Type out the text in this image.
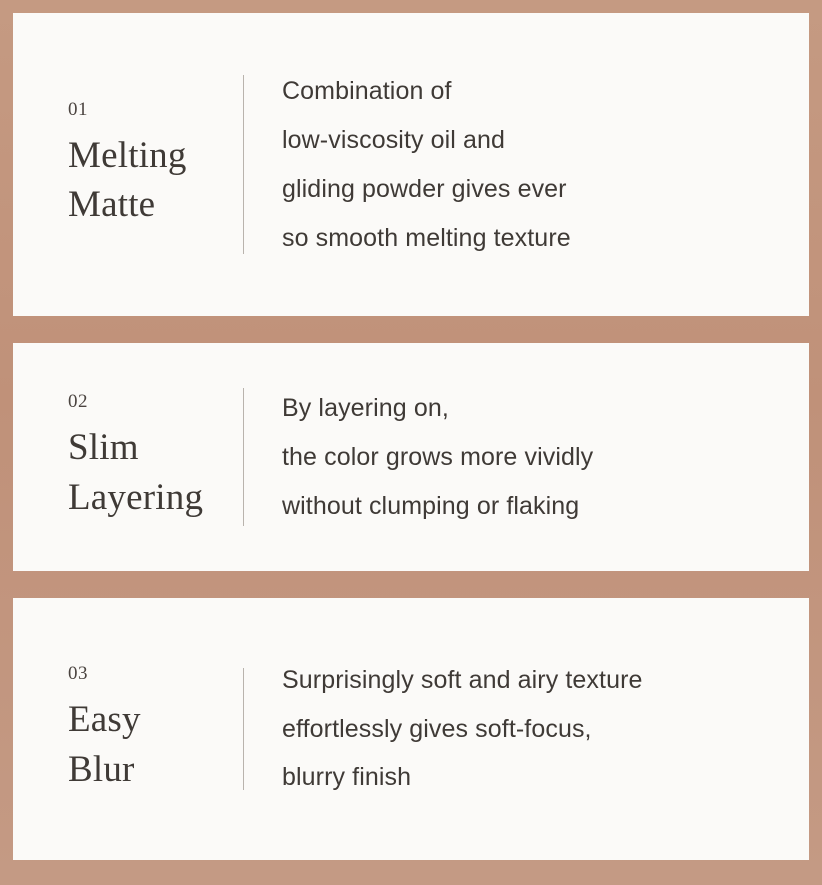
01
Melting
Matte
Combination of
low-viscosity oil and
gliding powder gives ever
so smooth melting texture
02
Slim
Layering
By layering on,
the color grows more vividly
without clumping or flaking
03
Easy
Blur
Surprisingly soft and airy texture
effortlessly gives soft-focus,
blurry finish
